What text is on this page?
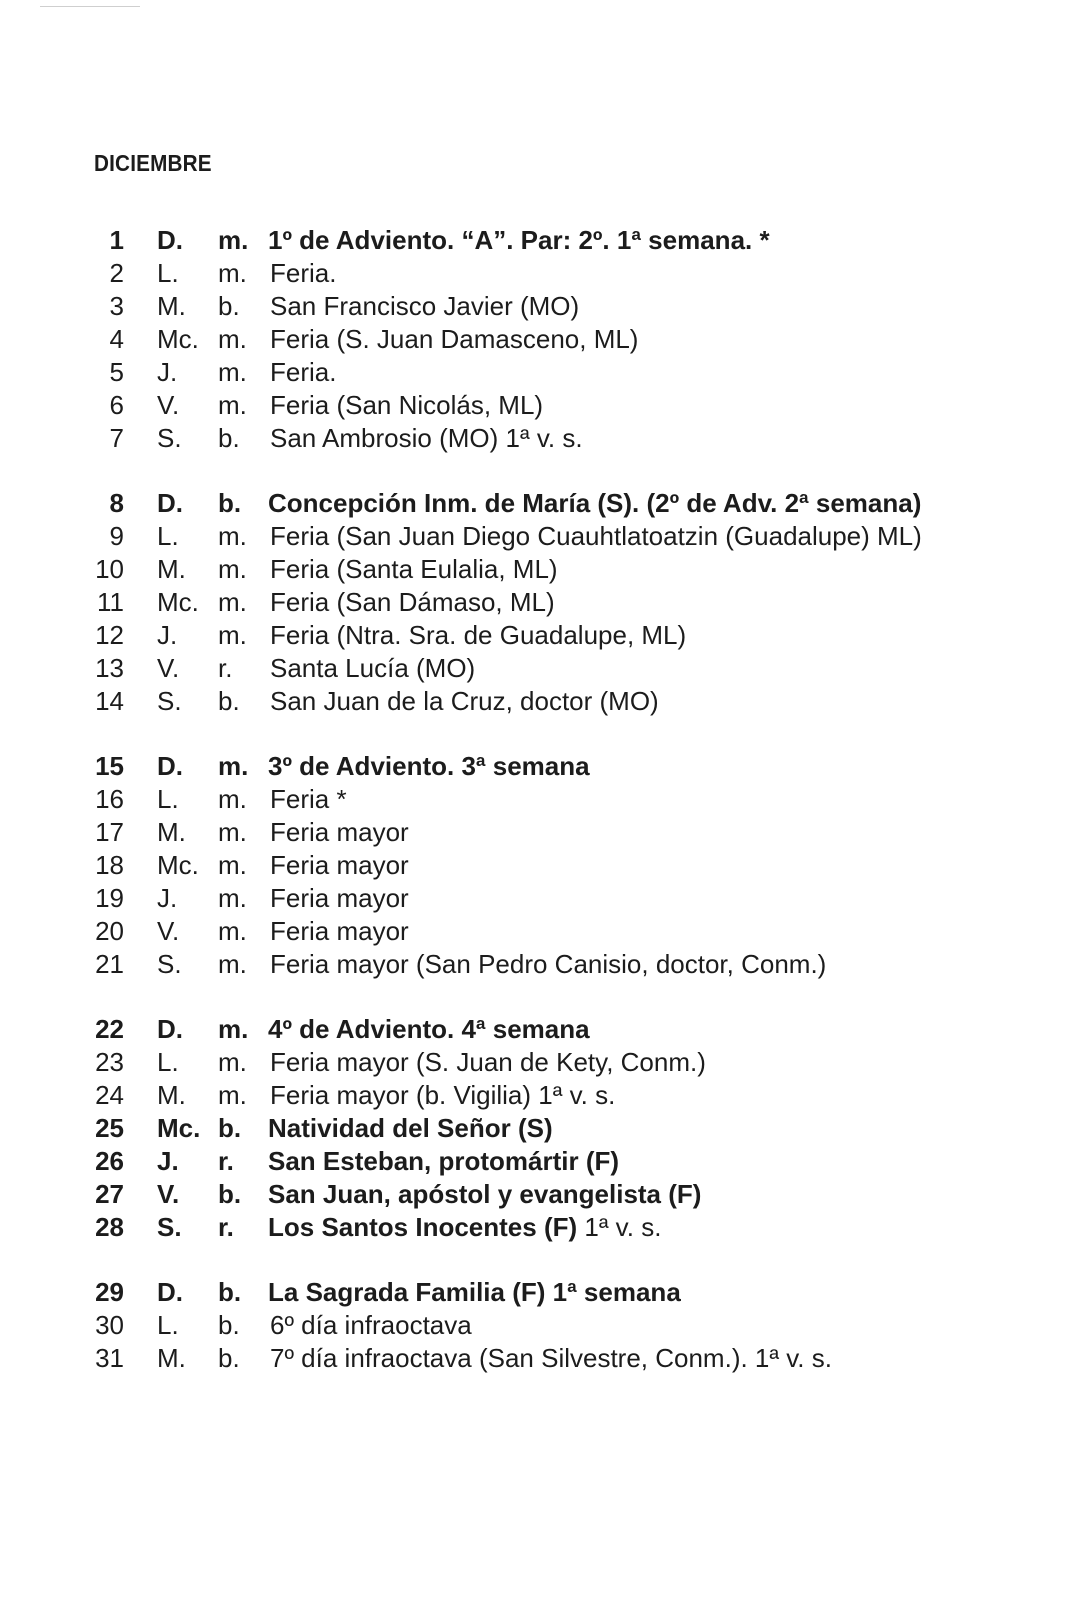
DICIEMBRE
1 D. m. 1º de Adviento. “A”. Par: 2º. 1ª semana. *
2 L. m. Feria.
3 M. b. San Francisco Javier (MO)
4 Mc. m. Feria (S. Juan Damasceno, ML)
5 J. m. Feria.
6 V. m. Feria (San Nicolás, ML)
7 S. b. San Ambrosio (MO) 1ª v. s.
8 D. b. Concepción Inm. de María (S). (2º de Adv. 2ª semana)
9 L. m. Feria (San Juan Diego Cuauhtlatoatzin (Guadalupe) ML)
10 M. m. Feria (Santa Eulalia, ML)
11 Mc. m. Feria (San Dámaso, ML)
12 J. m. Feria (Ntra. Sra. de Guadalupe, ML)
13 V. r. Santa Lucía (MO)
14 S. b. San Juan de la Cruz, doctor (MO)
15 D. m. 3º de Adviento. 3ª semana
16 L. m. Feria *
17 M. m. Feria mayor
18 Mc. m. Feria mayor
19 J. m. Feria mayor
20 V. m. Feria mayor
21 S. m. Feria mayor (San Pedro Canisio, doctor, Conm.)
22 D. m. 4º de Adviento. 4ª semana
23 L. m. Feria mayor (S. Juan de Kety, Conm.)
24 M. m. Feria mayor (b. Vigilia) 1ª v. s.
25 Mc. b. Natividad del Señor (S)
26 J. r. San Esteban, protomártir (F)
27 V. b. San Juan, apóstol y evangelista (F)
28 S. r. Los Santos Inocentes (F) 1ª v. s.
29 D. b. La Sagrada Familia (F) 1ª semana
30 L. b. 6º día infraoctava
31 M. b. 7º día infraoctava (San Silvestre, Conm.). 1ª v. s.
